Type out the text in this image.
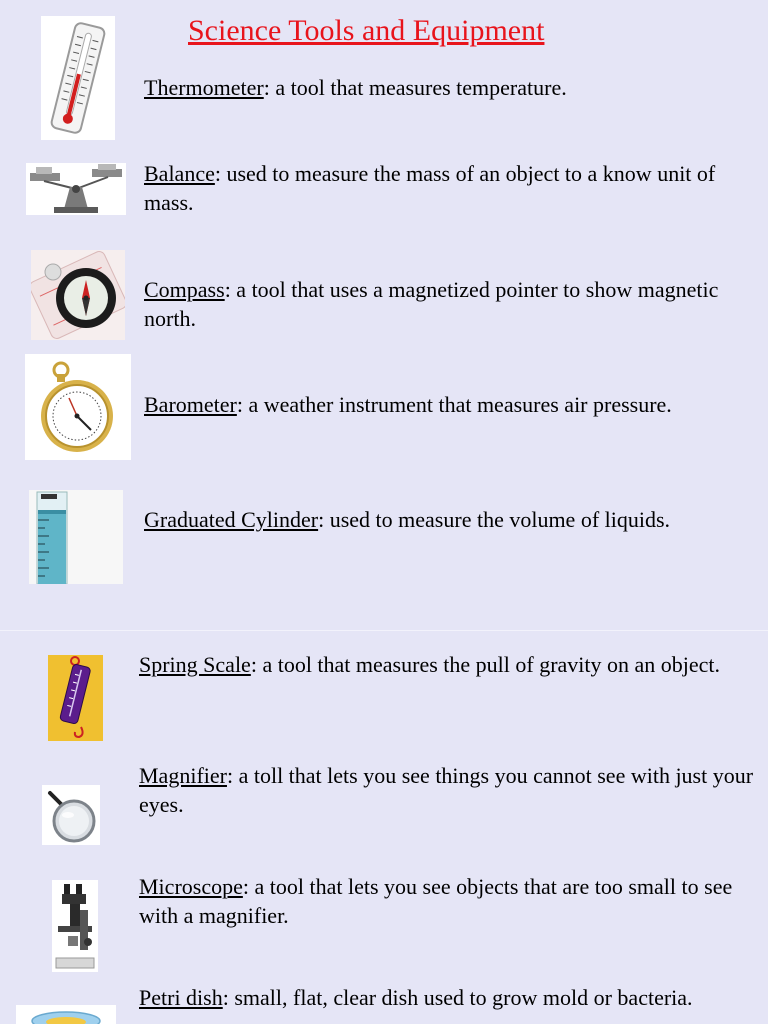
Science Tools and Equipment

Thermometer: a tool that measures temperature.

Balance: used to measure the mass of an object to a know unit of mass.

Compass: a tool that uses a magnetized pointer to show magnetic north.

Barometer: a weather instrument that measures air pressure.

Graduated Cylinder: used to measure the volume of liquids.

Spring Scale: a tool that measures the pull of gravity on an object.

Magnifier: a toll that lets you see things you cannot see with just your eyes.

Microscope: a tool that lets you see objects that are too small to see with a magnifier.

Petri dish: small, flat, clear dish used to grow mold or bacteria.
